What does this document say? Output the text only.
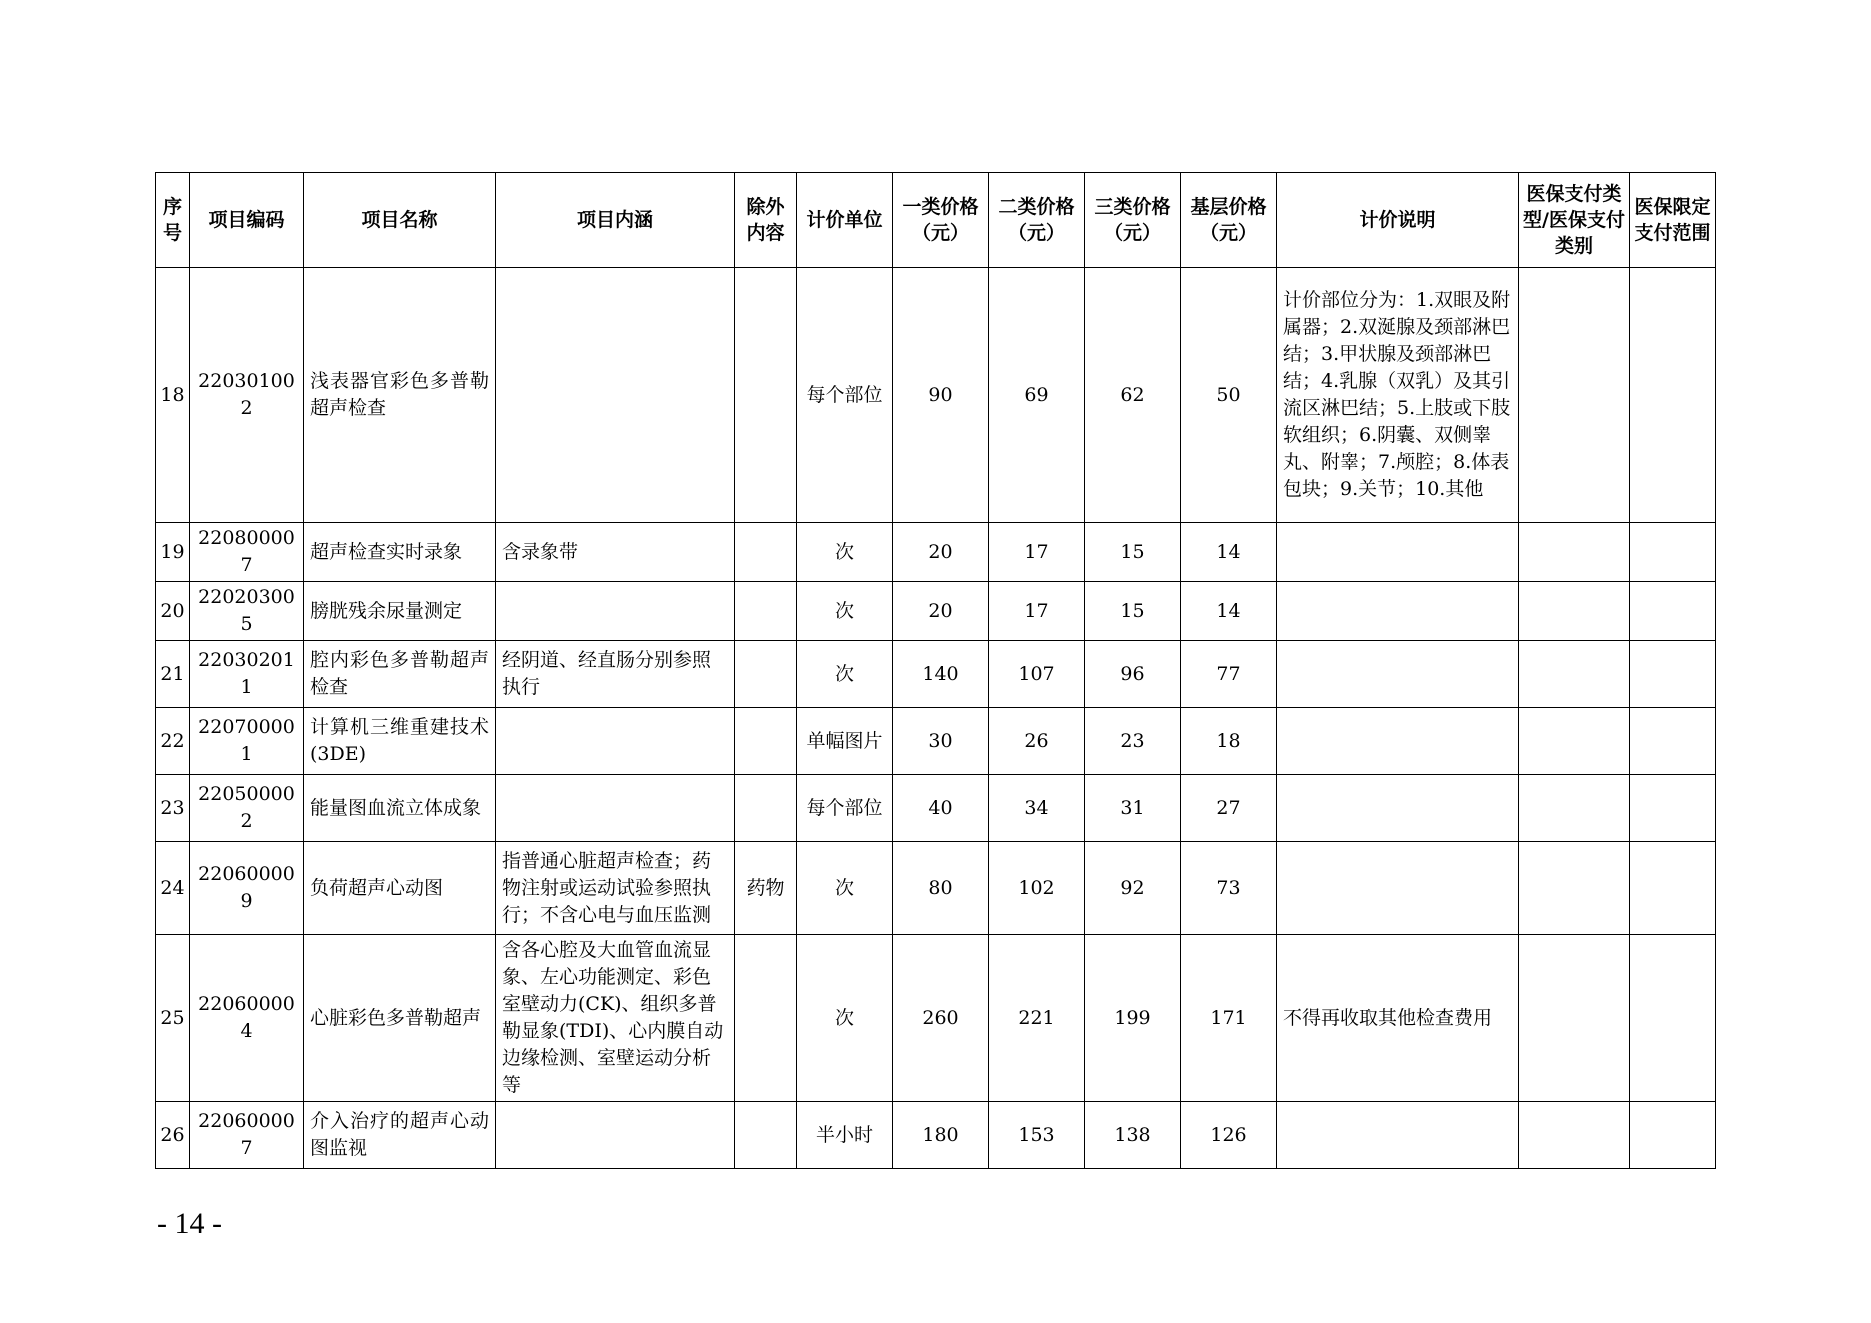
序号	项目编码	项目名称	项目内涵	除外内容	计价单位	一类价格（元）	二类价格（元）	三类价格（元）	基层价格（元）	计价说明	医保支付类型/医保支付类别	医保限定支付范围
18	220301002	浅表器官彩色多普勒超声检查			每个部位	90	69	62	50	计价部位分为：1.双眼及附属器；2.双涎腺及颈部淋巴结；3.甲状腺及颈部淋巴结；4.乳腺（双乳）及其引流区淋巴结；5.上肢或下肢软组织；6.阴囊、双侧睾丸、附睾；7.颅腔；8.体表包块；9.关节；10.其他		
19	220800007	超声检查实时录象	含录象带		次	20	17	15	14			
20	220203005	膀胱残余尿量测定			次	20	17	15	14			
21	220302011	腔内彩色多普勒超声检查	经阴道、经直肠分别参照执行		次	140	107	96	77			
22	220700001	计算机三维重建技术(3DE)			单幅图片	30	26	23	18			
23	220500002	能量图血流立体成象			每个部位	40	34	31	27			
24	220600009	负荷超声心动图	指普通心脏超声检查；药物注射或运动试验参照执行；不含心电与血压监测	药物	次	80	102	92	73			
25	220600004	心脏彩色多普勒超声	含各心腔及大血管血流显象、左心功能测定、彩色室壁动力(CK)、组织多普勒显象(TDI)、心内膜自动边缘检测、室壁运动分析等		次	260	221	199	171	不得再收取其他检查费用		
26	220600007	介入治疗的超声心动图监视			半小时	180	153	138	126			
- 14 -
